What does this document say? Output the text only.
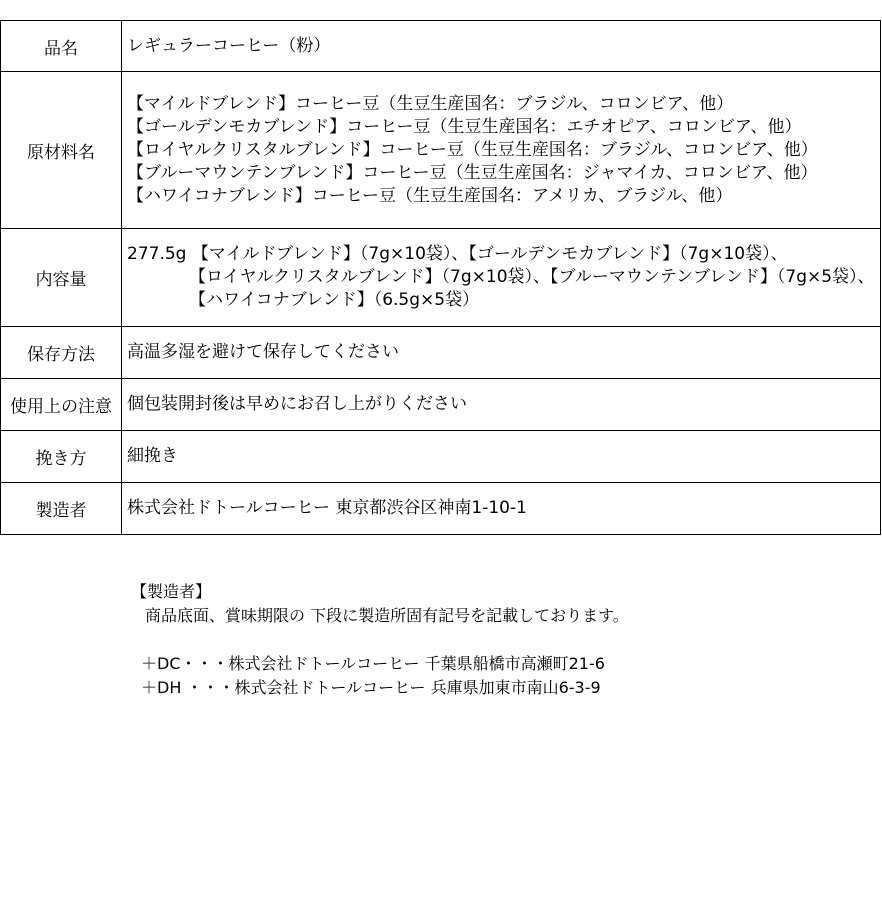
品名	レギュラーコーヒー（粉）

原材料名	【マイルドブレンド】コーヒー豆（生豆生産国名：ブラジル、コロンビア、他）
【ゴールデンモカブレンド】コーヒー豆（生豆生産国名：エチオピア、コロンビア、他）
【ロイヤルクリスタルブレンド】コーヒー豆（生豆生産国名：ブラジル、コロンビア、他）
【ブルーマウンテンブレンド】コーヒー豆（生豆生産国名：ジャマイカ、コロンビア、他）
【ハワイコナブレンド】コーヒー豆（生豆生産国名：アメリカ、ブラジル、他）

内容量	277.5g 【マイルドブレンド】（7g×10袋）、【ゴールデンモカブレンド】（7g×10袋）、
【ロイヤルクリスタルブレンド】（7g×10袋）、【ブルーマウンテンブレンド】（7g×5袋）、
【ハワイコナブレンド】（6.5g×5袋）

保存方法	高温多湿を避けて保存してください

使用上の注意	個包装開封後は早めにお召し上がりください

挽き方	細挽き

製造者	株式会社ドトールコーヒー 東京都渋谷区神南1-10-1
【製造者】
商品底面、賞味期限の 下段に製造所固有記号を記載しております。
＋DC・・・株式会社ドトールコーヒー 千葉県船橋市高瀬町21-6
＋DH ・・・株式会社ドトールコーヒー 兵庫県加東市南山6-3-9
